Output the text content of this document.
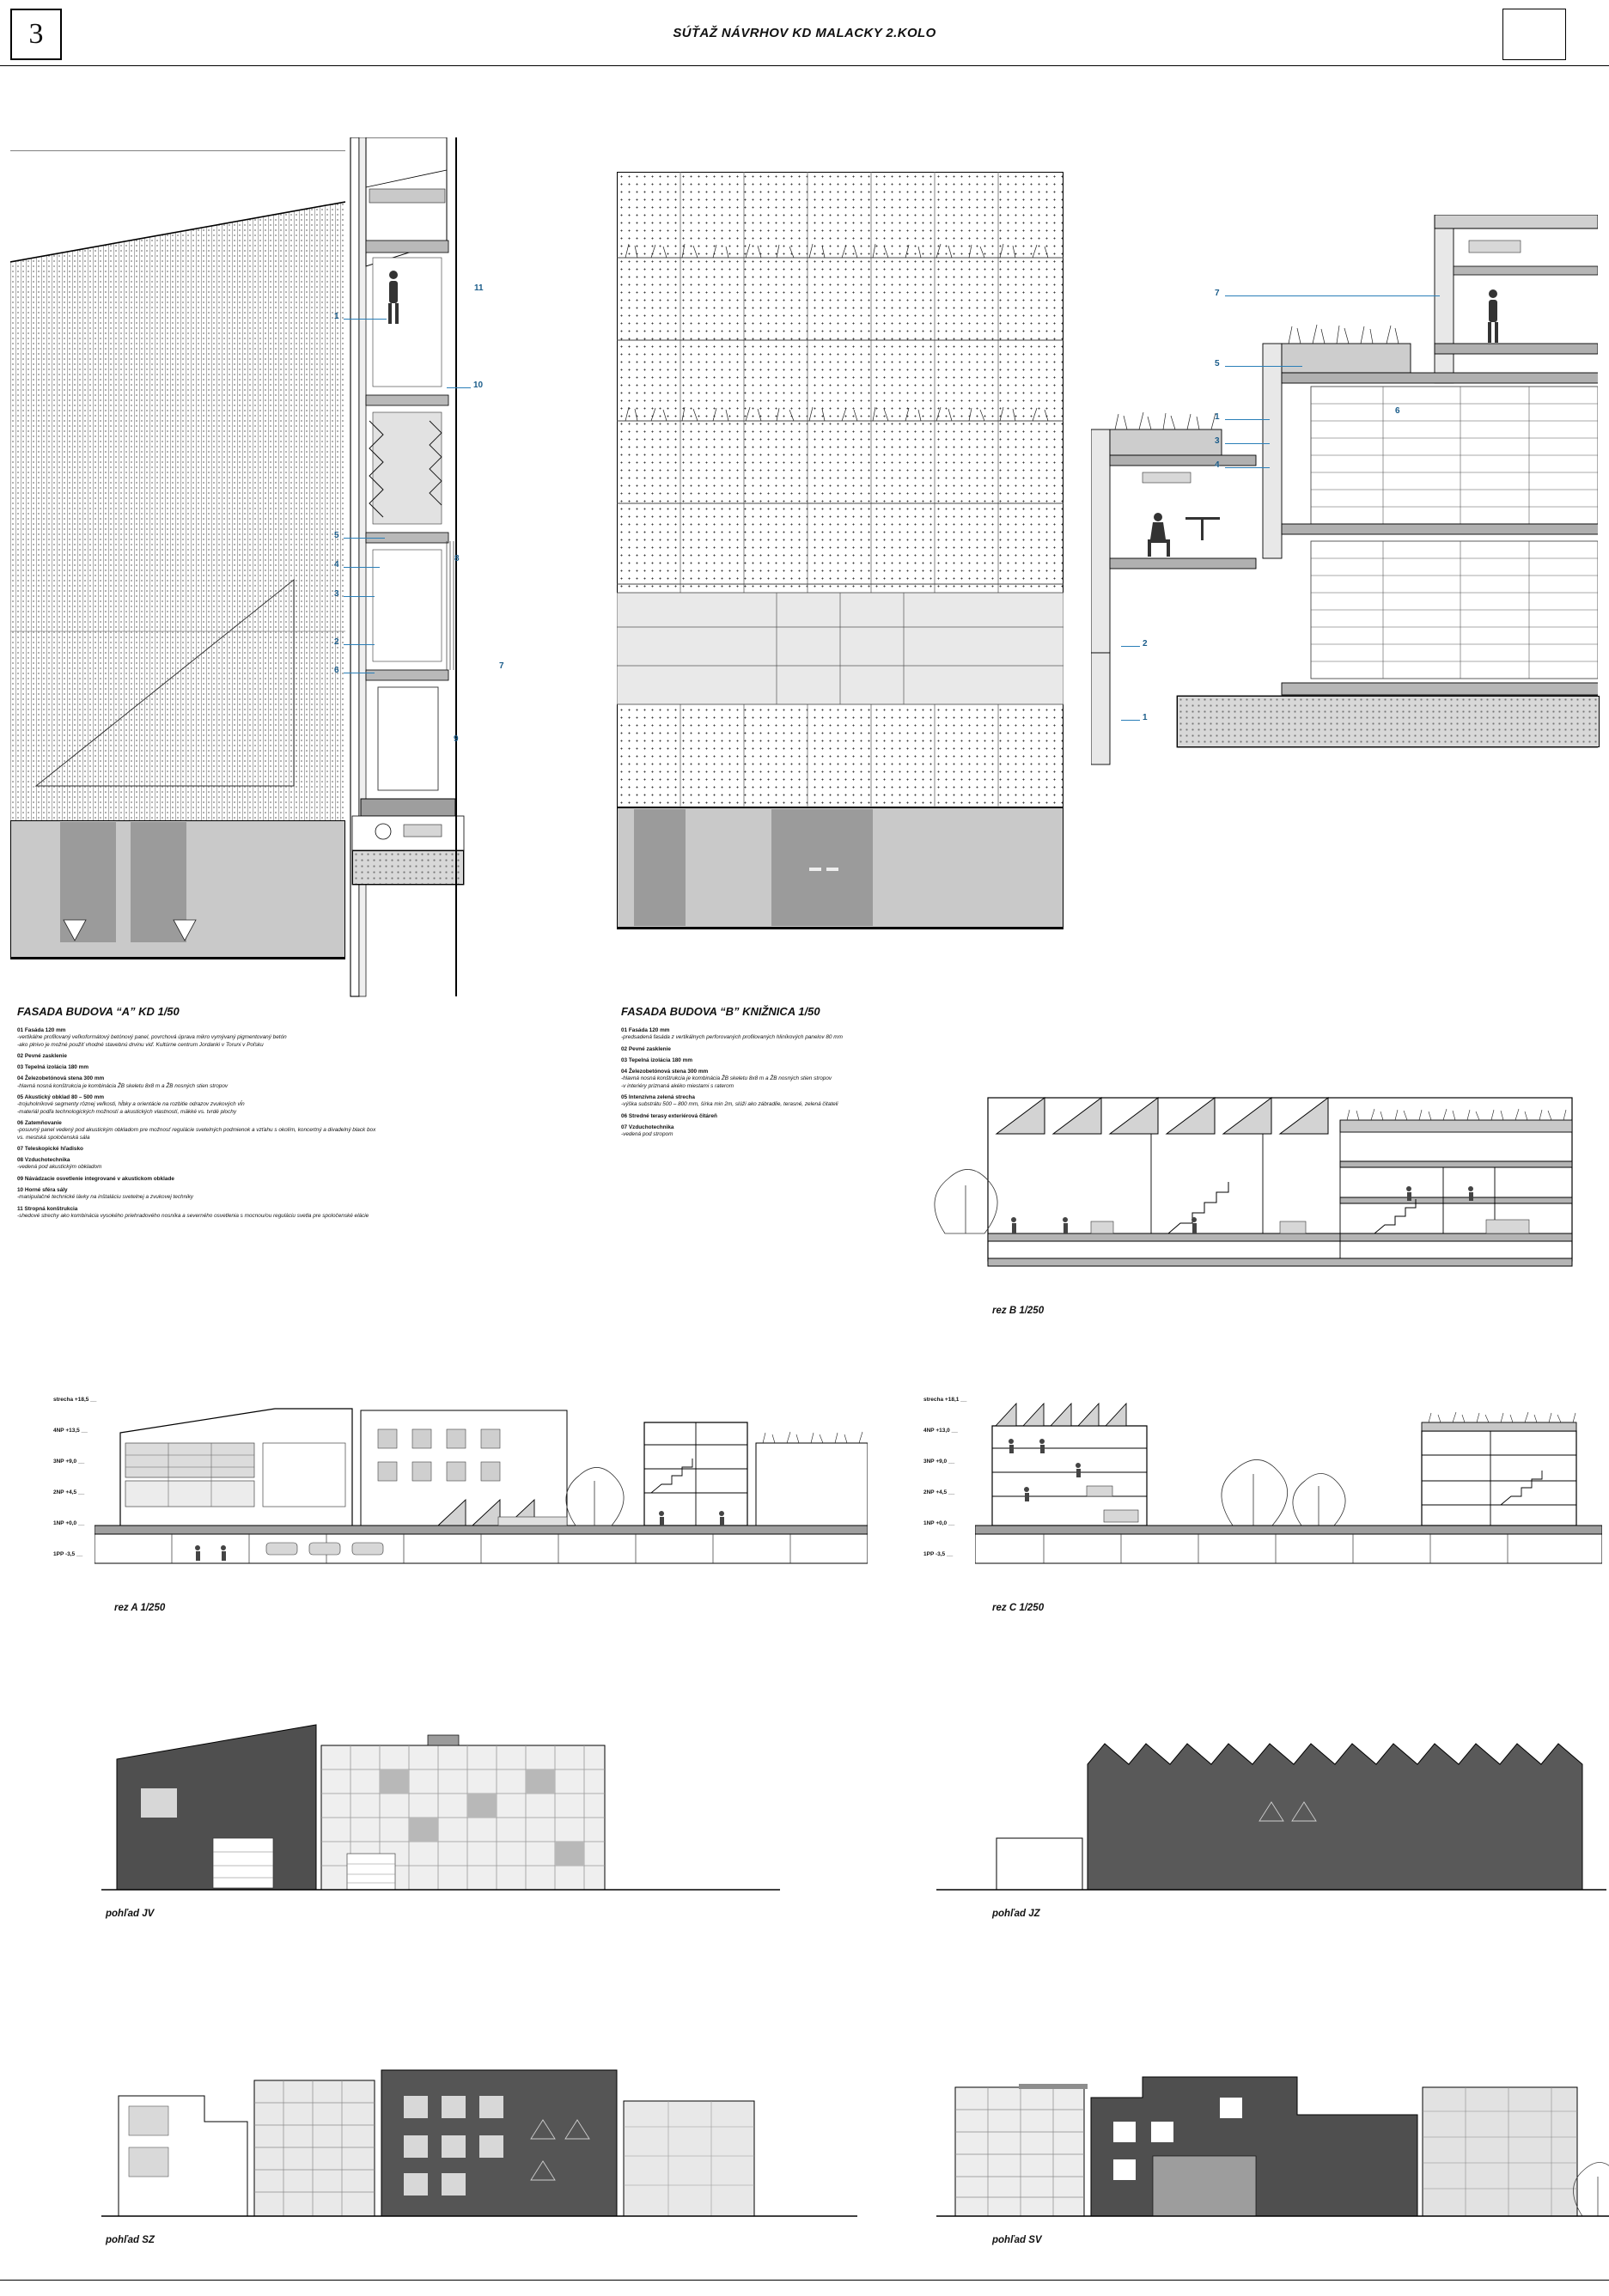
3	SÚŤAŽ NÁVRHOV KD MALACKY 2.KOLO
1
11
10
5
4
3
2
6
8
7
9
7
5
1
3
4
6
2
1
FASADA BUDOVA “A” KD 1/50	FASADA BUDOVA “B” KNIŽNICA 1/50
01 Fasáda 120 mm
-vertikálne profilovaný veľkoformátový betónový panel, povrchová úprava mikro vymývaný pigmentovaný betón
-ako plnivo je možné použiť vhodné stavebnú drvinu viď. Kultúrne centrum Jordanki v Toruni v Poľsku
02 Pevné zasklenie
03 Tepelná izolácia 180 mm
04 Železobetónová stena 300 mm
-hlavná nosná konštrukcia je kombinácia ŽB skeletu 8x8 m a ŽB nosných stien stropov
05 Akustický obklad 80 – 500 mm
-trojuholníkové segmenty rôznej veľkosti, hĺbky a orientácie na rozbitie odrazov zvukových vĺn
-materiál podľa technologických možností a akustických vlastností, mäkké vs. tvrdé plochy
06 Zatemňovanie
-posuvný panel vedený pod akustickým obkladom pre možnosť regulácie svetelných podmienok a vzťahu s okolím, koncertný a divadelný black box vs. mestská spoločenská sála
07 Teleskopické hľadisko
08 Vzduchotechnika
-vedená pod akustickým obkladom
09 Návádzacie osvetlenie integrované v akustickom obklade
10 Horné sféra sály
-manipulačné technické lávky na inštaláciu svetelnej a zvukovej techniky
11 Stropná konštrukcia
-shedové strechy ako kombinácia vysokého priehradového nosníka a severného osvetlenia s mocnou/ou reguláciu svetla pre spoločenské elácie
01 Fasáda 120 mm
-predsadená fasáda z vertikálnych perforovaných profilovaných hliníkových panelov 80 mm
02 Pevné zasklenie
03 Tepelná izolácia 180 mm
04 Železobetónová stena 300 mm
-hlavná nosná konštrukcia je kombinácia ŽB skeletu 8x8 m a ŽB nosných stien stropov
-v interiéry priznaná akéko miestami s raterom
05 Intenzívna zelená strecha
-výška substrátu 500 – 800 mm, šírka min 2m, slúži ako zábradlie, terasné, zelená čitateli
06 Stredné terasy exteriérová čitáreň
07 Vzduchotechnika
-vedená pod stropom
rez B 1/250
strecha +18,5 __
4NP +13,5 __
3NP +9,0 __
2NP +4,5 __
1NP +0,0 __
1PP -3,5 __
rez A 1/250
strecha +18,1 __
4NP +13,0 __
3NP +9,0 __
2NP +4,5 __
1NP +0,0 __
1PP -3,5 __
rez C 1/250
pohľad JV	pohľad JZ
pohľad SZ	pohľad SV
